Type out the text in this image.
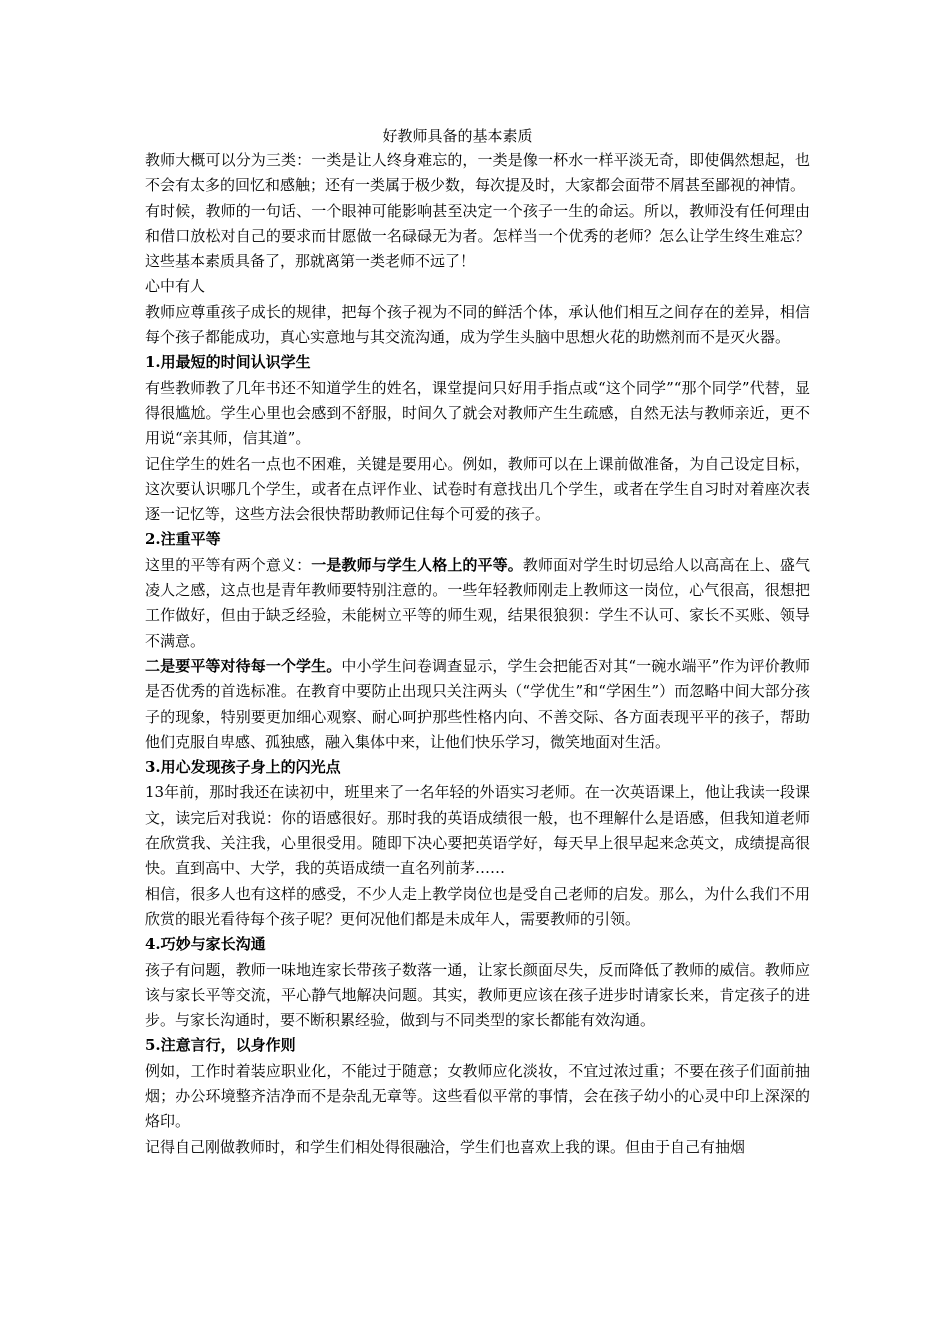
好教师具备的基本素质

教师大概可以分为三类：一类是让人终身难忘的，一类是像一杯水一样平淡无奇，即使偶然想起，也不会有太多的回忆和感触；还有一类属于极少数，每次提及时，大家都会面带不屑甚至鄙视的神情。

有时候，教师的一句话、一个眼神可能影响甚至决定一个孩子一生的命运。所以，教师没有任何理由和借口放松对自己的要求而甘愿做一名碌碌无为者。怎样当一个优秀的老师？怎么让学生终生难忘？这些基本素质具备了，那就离第一类老师不远了！

心中有人

教师应尊重孩子成长的规律，把每个孩子视为不同的鲜活个体，承认他们相互之间存在的差异，相信每个孩子都能成功，真心实意地与其交流沟通，成为学生头脑中思想火花的助燃剂而不是灭火器。

1.用最短的时间认识学生

有些教师教了几年书还不知道学生的姓名，课堂提问只好用手指点或“这个同学”“那个同学”代替，显得很尴尬。学生心里也会感到不舒服，时间久了就会对教师产生生疏感，自然无法与教师亲近，更不用说“亲其师，信其道”。

记住学生的姓名一点也不困难，关键是要用心。例如，教师可以在上课前做准备，为自己设定目标，这次要认识哪几个学生，或者在点评作业、试卷时有意找出几个学生，或者在学生自习时对着座次表逐一记忆等，这些方法会很快帮助教师记住每个可爱的孩子。

2.注重平等

这里的平等有两个意义：一是教师与学生人格上的平等。教师面对学生时切忌给人以高高在上、盛气凌人之感，这点也是青年教师要特别注意的。一些年轻教师刚走上教师这一岗位，心气很高，很想把工作做好，但由于缺乏经验，未能树立平等的师生观，结果很狼狈：学生不认可、家长不买账、领导不满意。

二是要平等对待每一个学生。中小学生问卷调查显示，学生会把能否对其“一碗水端平”作为评价教师是否优秀的首选标准。在教育中要防止出现只关注两头（“学优生”和“学困生”）而忽略中间大部分孩子的现象，特别要更加细心观察、耐心呵护那些性格内向、不善交际、各方面表现平平的孩子，帮助他们克服自卑感、孤独感，融入集体中来，让他们快乐学习，微笑地面对生活。

3.用心发现孩子身上的闪光点

13年前，那时我还在读初中，班里来了一名年轻的外语实习老师。在一次英语课上，他让我读一段课文，读完后对我说：你的语感很好。那时我的英语成绩很一般，也不理解什么是语感，但我知道老师在欣赏我、关注我，心里很受用。随即下决心要把英语学好，每天早上很早起来念英文，成绩提高很快。直到高中、大学，我的英语成绩一直名列前茅……

相信，很多人也有这样的感受，不少人走上教学岗位也是受自己老师的启发。那么，为什么我们不用欣赏的眼光看待每个孩子呢？更何况他们都是未成年人，需要教师的引领。

4.巧妙与家长沟通

孩子有问题，教师一味地连家长带孩子数落一通，让家长颜面尽失，反而降低了教师的威信。教师应该与家长平等交流，平心静气地解决问题。其实，教师更应该在孩子进步时请家长来，肯定孩子的进步。与家长沟通时，要不断积累经验，做到与不同类型的家长都能有效沟通。

5.注意言行，以身作则

例如，工作时着装应职业化，不能过于随意；女教师应化淡妆，不宜过浓过重；不要在孩子们面前抽烟；办公环境整齐洁净而不是杂乱无章等。这些看似平常的事情，会在孩子幼小的心灵中印上深深的烙印。

记得自己刚做教师时，和学生们相处得很融洽，学生们也喜欢上我的课。但由于自己有抽烟
